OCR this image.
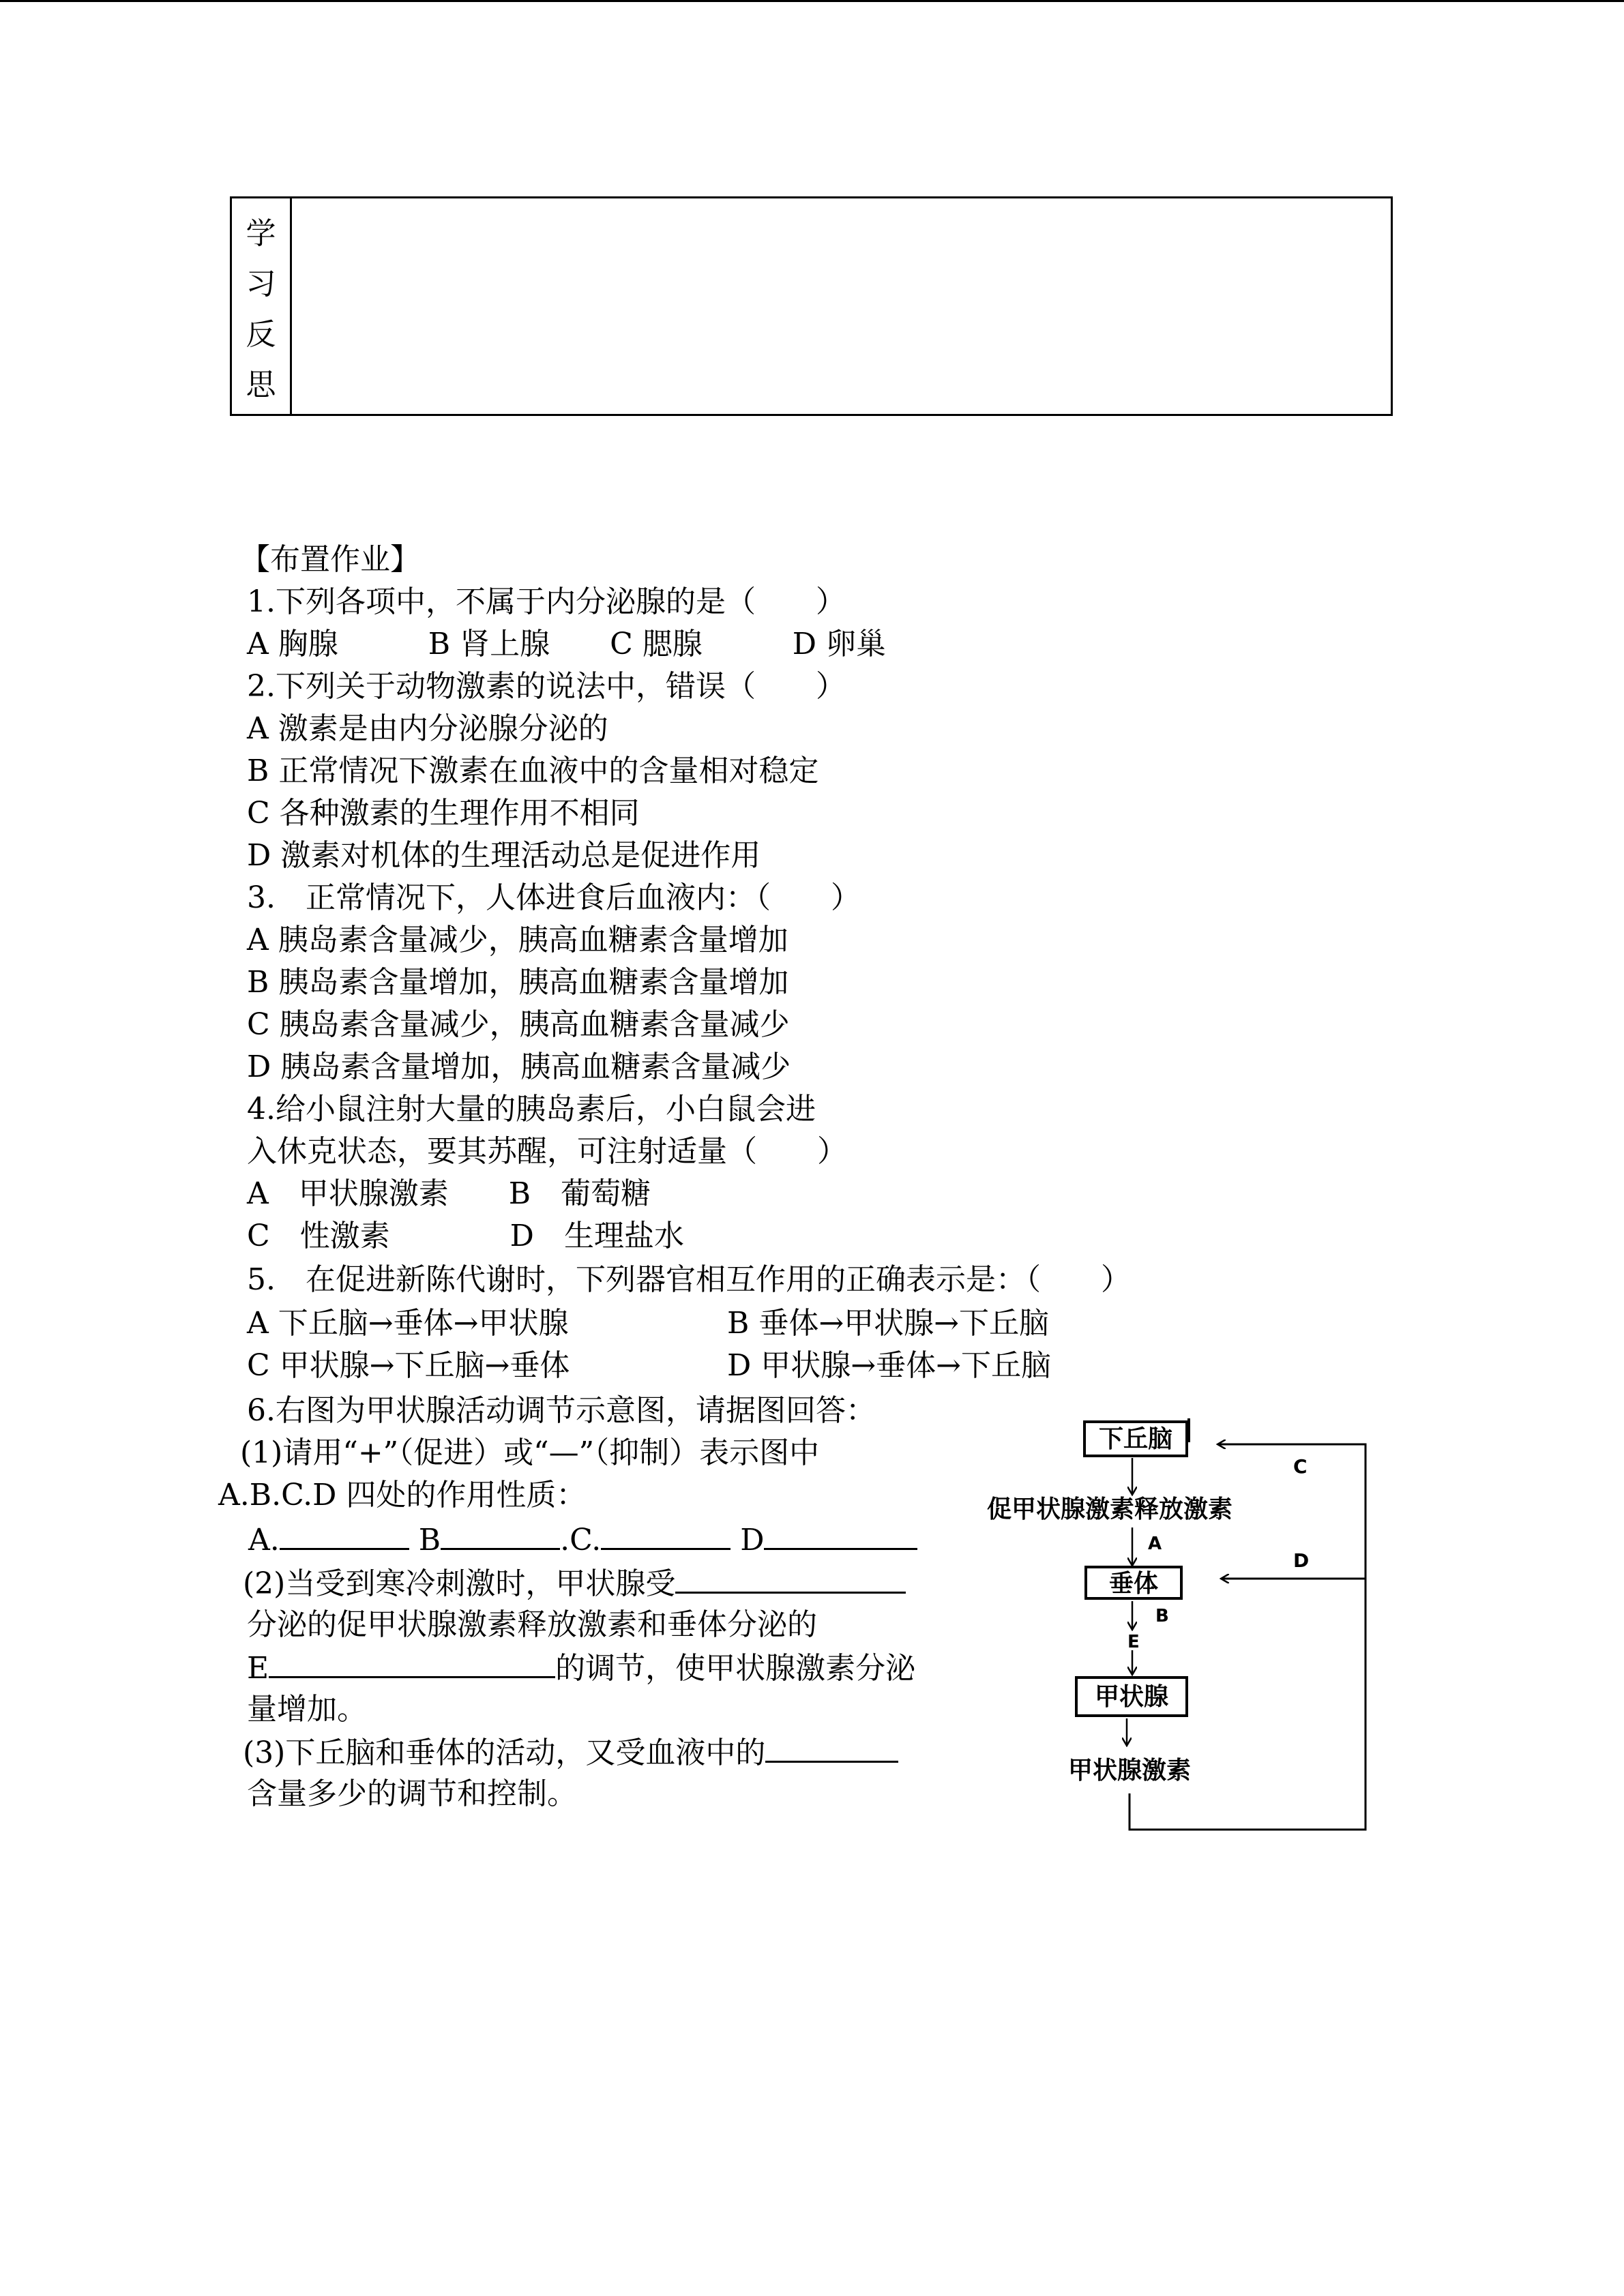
学
习
反
思
【布置作业】
1.下列各项中，不属于内分泌腺的是（　　）
A 胸腺　　　B 肾上腺　　C 腮腺　　　D 卵巢
2.下列关于动物激素的说法中，错误（　　）
A 激素是由内分泌腺分泌的
B 正常情况下激素在血液中的含量相对稳定
C 各种激素的生理作用不相同
D 激素对机体的生理活动总是促进作用
3.　正常情况下，人体进食后血液内：（　　）
A 胰岛素含量减少，胰高血糖素含量增加
B 胰岛素含量增加，胰高血糖素含量增加
C 胰岛素含量减少，胰高血糖素含量减少
D 胰岛素含量增加，胰高血糖素含量减少
4.给小鼠注射大量的胰岛素后，小白鼠会进
入休克状态，要其苏醒，可注射适量（　　）
A　甲状腺激素　　B　葡萄糖
C　性激素　　　　D　生理盐水
5.　在促进新陈代谢时，下列器官相互作用的正确表示是：（　　）
A 下丘脑→垂体→甲状腺	B 垂体→甲状腺→下丘脑
C 甲状腺→下丘脑→垂体	D 甲状腺→垂体→下丘脑
6.右图为甲状腺活动调节示意图，请据图回答：
(1)请用“+”（促进）或“—”（抑制）表示图中
A.B.C.D 四处的作用性质：
A.	B	.C.	D
(2)当受到寒冷刺激时，甲状腺受
分泌的促甲状腺激素释放激素和垂体分泌的
E	的调节，使甲状腺激素分泌
量增加。
(3)下丘脑和垂体的活动，又受血液中的
含量多少的调节和控制。
下丘脑
促甲状腺激素释放激素
A
垂体
B
E
甲状腺
甲状腺激素
C
D
